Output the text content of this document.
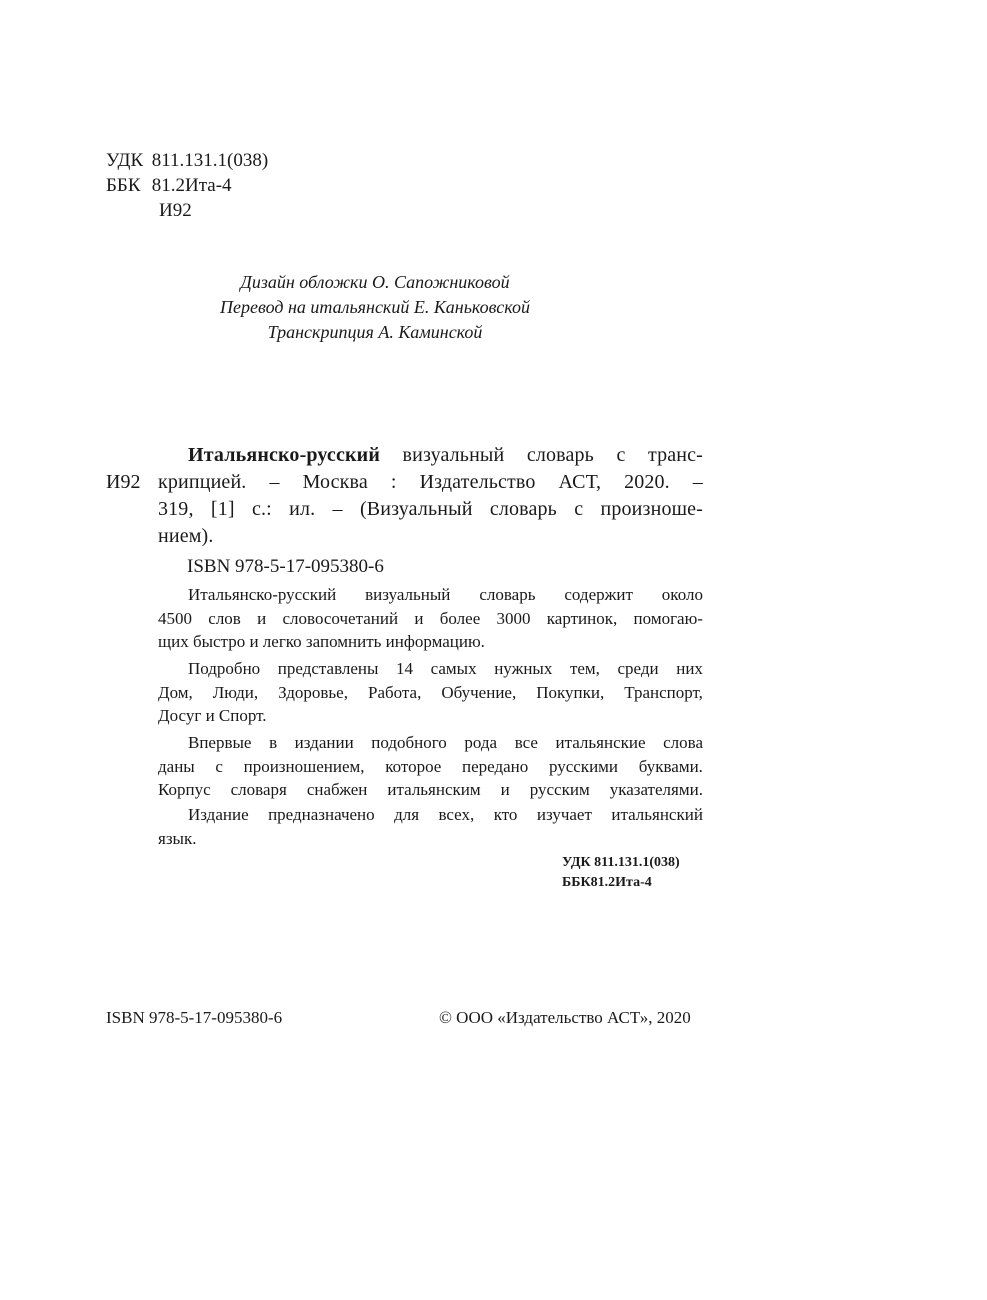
УДК 811.131.1(038)
ББК 81.2Ита-4
И92
Дизайн обложки О. Сапожниковой
Перевод на итальянский Е. Каньковской
Транскрипция А. Каминской
И92
Итальянско-русский визуальный словарь с транс-
крипцией. – Москва : Издательство АСТ, 2020. –
319, [1] с.: ил. – (Визуальный словарь с произноше-
нием).
ISBN 978-5-17-095380-6
Итальянско-русский визуальный словарь содержит около
4500 слов и словосочетаний и более 3000 картинок, помогаю-
щих быстро и легко запомнить информацию.
Подробно представлены 14 самых нужных тем, среди них
Дом, Люди, Здоровье, Работа, Обучение, Покупки, Транспорт,
Досуг и Спорт.
Впервые в издании подобного рода все итальянские слова
даны с произношением, которое передано русскими буквами.
Корпус словаря снабжен итальянским и русским указателями.
Издание предназначено для всех, кто изучает итальянский
язык.
УДК 811.131.1(038)
ББК81.2Ита-4
ISBN 978-5-17-095380-6	© ООО «Издательство АСТ», 2020
